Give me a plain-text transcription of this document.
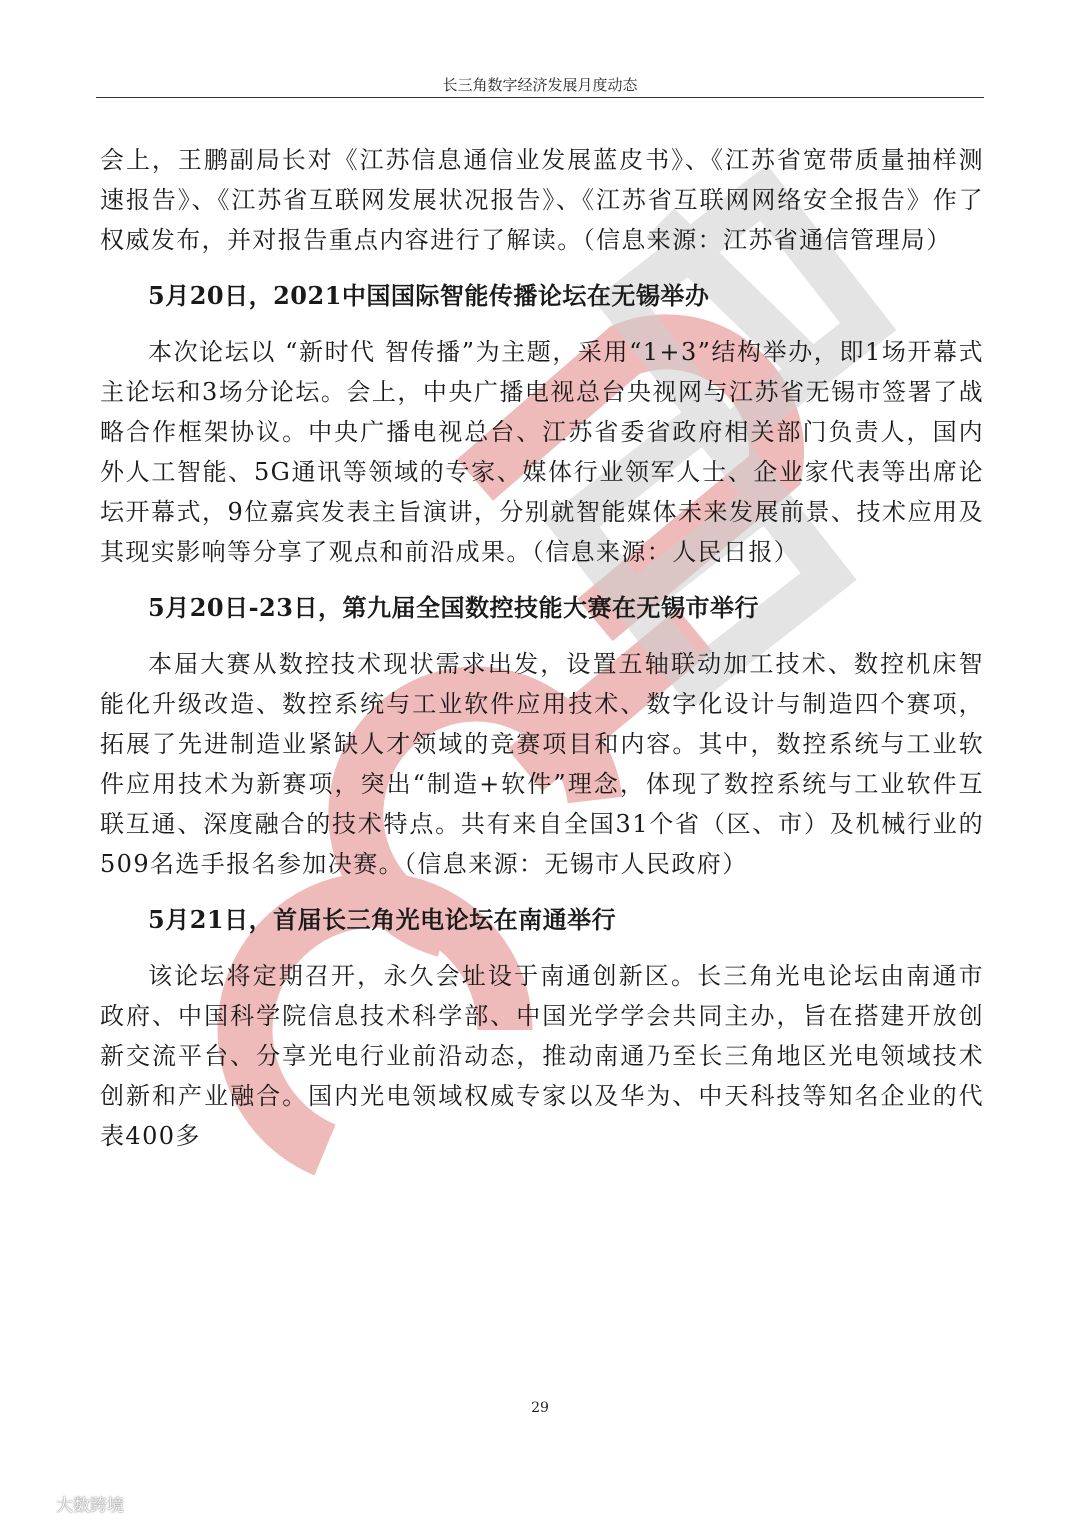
长三角数字经济发展月度动态

会上，王鹏副局长对《江苏信息通信业发展蓝皮书》、《江苏省宽带质量抽样测速报告》、《江苏省互联网发展状况报告》、《江苏省互联网网络安全报告》作了权威发布，并对报告重点内容进行了解读。（信息来源：江苏省通信管理局）

5月20日，2021中国国际智能传播论坛在无锡举办

本次论坛以 “新时代 智传播”为主题，采用“1+3”结构举办，即1场开幕式主论坛和3场分论坛。会上，中央广播电视总台央视网与江苏省无锡市签署了战略合作框架协议。中央广播电视总台、江苏省委省政府相关部门负责人，国内外人工智能、5G通讯等领域的专家、媒体行业领军人士、企业家代表等出席论坛开幕式，9位嘉宾发表主旨演讲，分别就智能媒体未来发展前景、技术应用及其现实影响等分享了观点和前沿成果。（信息来源：人民日报）

5月20日-23日，第九届全国数控技能大赛在无锡市举行

本届大赛从数控技术现状需求出发，设置五轴联动加工技术、数控机床智能化升级改造、数控系统与工业软件应用技术、数字化设计与制造四个赛项，拓展了先进制造业紧缺人才领域的竞赛项目和内容。其中，数控系统与工业软件应用技术为新赛项，突出“制造+软件”理念，体现了数控系统与工业软件互联互通、深度融合的技术特点。共有来自全国31个省（区、市）及机械行业的509名选手报名参加决赛。（信息来源：无锡市人民政府）

5月21日，首届长三角光电论坛在南通举行

该论坛将定期召开，永久会址设于南通创新区。长三角光电论坛由南通市政府、中国科学院信息技术科学部、中国光学学会共同主办，旨在搭建开放创新交流平台、分享光电行业前沿动态，推动南通乃至长三角地区光电领域技术创新和产业融合。国内光电领域权威专家以及华为、中天科技等知名企业的代表400多

29
大数跨境
